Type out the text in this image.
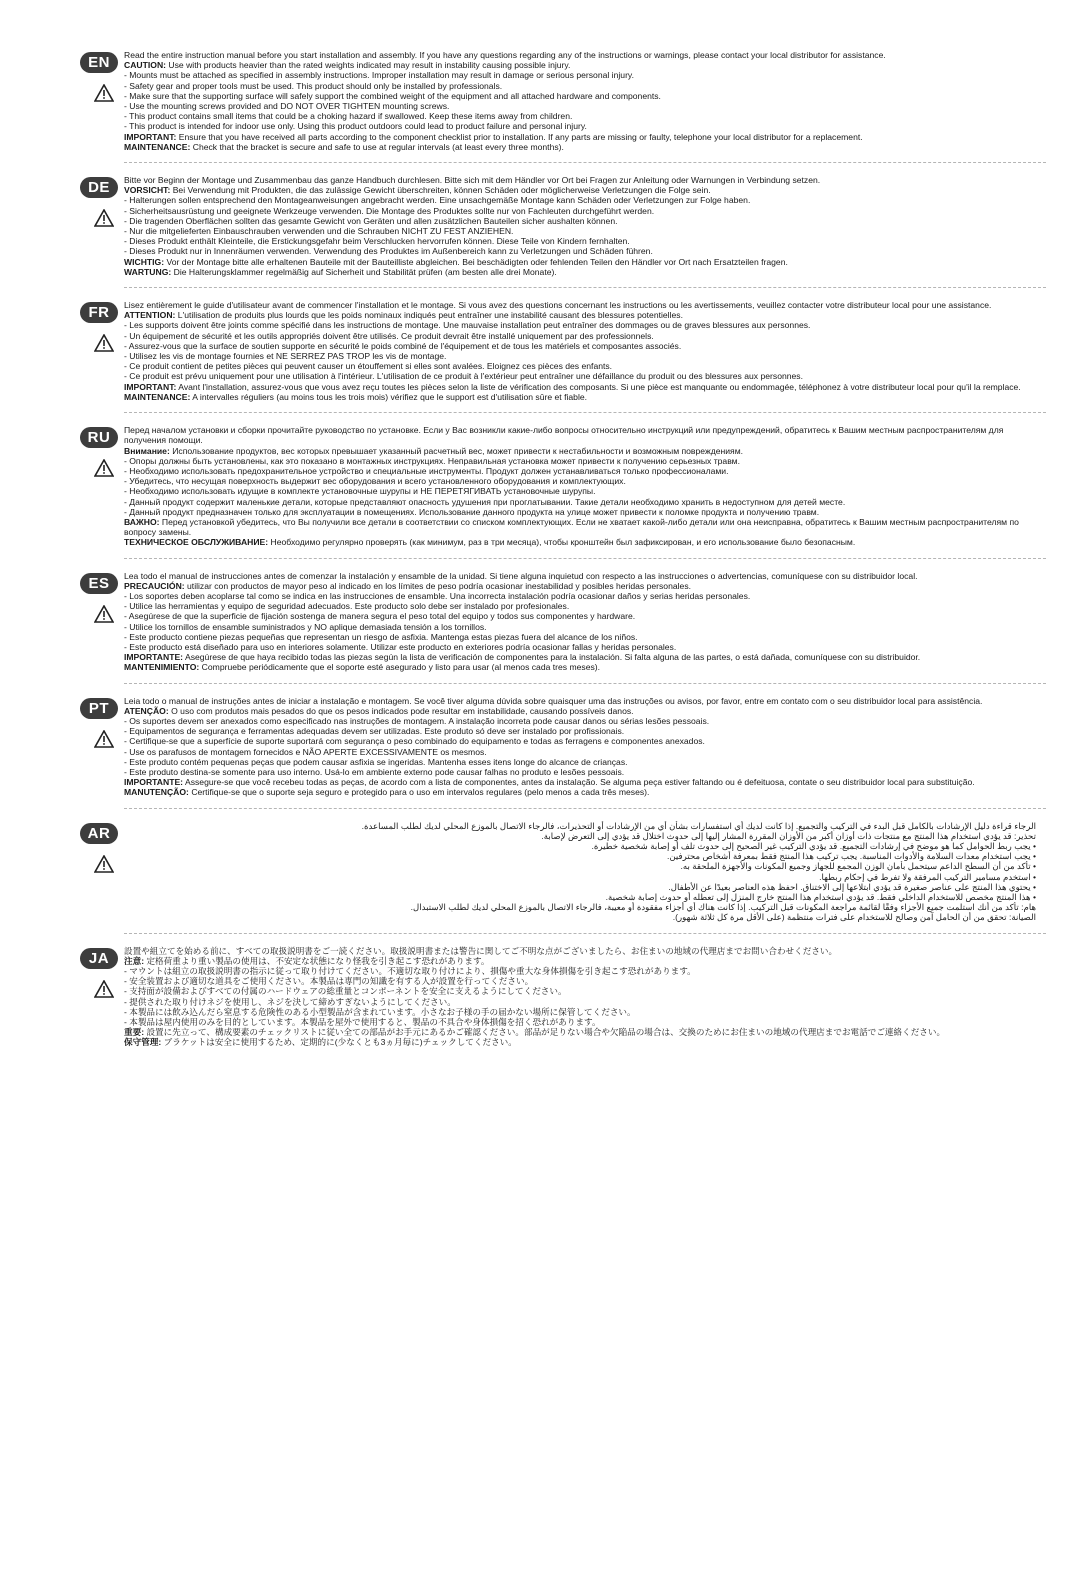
EN	Read the entire instruction manual before you start installation and assembly. If you have any questions regarding any of the instructions or warnings, please contact your local distributor for assistance.
CAUTION: Use with products heavier than the rated weights indicated may result in instability causing possible injury.
- Mounts must be attached as specified in assembly instructions. Improper installation may result in damage or serious personal injury.
- Safety gear and proper tools must be used. This product should only be installed by professionals.
- Make sure that the supporting surface will safely support the combined weight of the equipment and all attached hardware and components.
- Use the mounting screws provided and DO NOT OVER TIGHTEN mounting screws.
- This product contains small items that could be a choking hazard if swallowed. Keep these items away from children.
- This product is intended for indoor use only. Using this product outdoors could lead to product failure and personal injury.
IMPORTANT: Ensure that you have received all parts according to the component checklist prior to installation. If any parts are missing or faulty, telephone your local distributor for a replacement.
MAINTENANCE: Check that the bracket is secure and safe to use at regular intervals (at least every three months).
DE	Bitte vor Beginn der Montage und Zusammenbau das ganze Handbuch durchlesen. Bitte sich mit dem Händler vor Ort bei Fragen zur Anleitung oder Warnungen in Verbindung setzen.
VORSICHT: Bei Verwendung mit Produkten, die das zulässige Gewicht überschreiten, können Schäden oder möglicherweise Verletzungen die Folge sein.
- Halterungen sollen entsprechend den Montageanweisungen angebracht werden. Eine unsachgemäße Montage kann Schäden oder Verletzungen zur Folge haben.
- Sicherheitsausrüstung und geeignete Werkzeuge verwenden. Die Montage des Produktes sollte nur von Fachleuten durchgeführt werden.
- Die tragenden Oberflächen sollten das gesamte Gewicht von Geräten und allen zusätzlichen Bauteilen sicher aushalten können.
- Nur die mitgelieferten Einbauschrauben verwenden und die Schrauben NICHT ZU FEST ANZIEHEN.
- Dieses Produkt enthält Kleinteile, die Erstickungsgefahr beim Verschlucken hervorrufen können. Diese Teile von Kindern fernhalten.
- Dieses Produkt nur in Innenräumen verwenden. Verwendung des Produktes im Außenbereich kann zu Verletzungen und Schäden führen.
WICHTIG: Vor der Montage bitte alle erhaltenen Bauteile mit der Bauteilliste abgleichen. Bei beschädigten oder fehlenden Teilen den Händler vor Ort nach Ersatzteilen fragen.
WARTUNG: Die Halterungsklammer regelmäßig auf Sicherheit und Stabilität prüfen (am besten alle drei Monate).
FR	Lisez entièrement le guide d'utilisateur avant de commencer l'installation et le montage. Si vous avez des questions concernant les instructions ou les avertissements, veuillez contacter votre distributeur local pour une assistance.
ATTENTION: L'utilisation de produits plus lourds que les poids nominaux indiqués peut entraîner une instabilité causant des blessures potentielles.
- Les supports doivent être joints comme spécifié dans les instructions de montage. Une mauvaise installation peut entraîner des dommages ou de graves blessures aux personnes.
- Un équipement de sécurité et les outils appropriés doivent être utilisés. Ce produit devrait être installé uniquement par des professionnels.
- Assurez-vous que la surface de soutien supporte en sécurité le poids combiné de l'équipement et de tous les matériels et composantes associés.
- Utilisez les vis de montage fournies et NE SERREZ PAS TROP les vis de montage.
- Ce produit contient de petites pièces qui peuvent causer un étouffement si elles sont avalées. Eloignez ces pièces des enfants.
- Ce produit est prévu uniquement pour une utilisation à l'intérieur. L'utilisation de ce produit à l'extérieur peut entraîner une défaillance du produit ou des blessures aux personnes.
IMPORTANT: Avant l'installation, assurez-vous que vous avez reçu toutes les pièces selon la liste de vérification des composants. Si une pièce est manquante ou endommagée, téléphonez à votre distributeur local pour qu'il la remplace.
MAINTENANCE: A intervalles réguliers (au moins tous les trois mois) vérifiez que le support est d'utilisation sûre et fiable.
RU	Перед началом установки и сборки прочитайте руководство по установке. Если у Вас возникли какие-либо вопросы относительно инструкций или предупреждений, обратитесь к Вашим местным распространителям для получения помощи.
Внимание: Использование продуктов, вес которых превышает указанный расчетный вес, может привести к нестабильности и возможным повреждениям.
- Опоры должны быть установлены, как это показано в монтажных инструкциях. Неправильная установка может привести к получению серьезных травм.
- Необходимо использовать предохранительное устройство и специальные инструменты. Продукт должен устанавливаться только профессионалами.
- Убедитесь, что несущая поверхность выдержит вес оборудования и всего установленного оборудования и комплектующих.
- Необходимо использовать идущие в комплекте установочные шурупы и НЕ ПЕРЕТЯГИВАТЬ установочные шурупы.
- Данный продукт содержит маленькие детали, которые представляют опасность удушения при проглатывании. Такие детали необходимо хранить в недоступном для детей месте.
- Данный продукт предназначен только для эксплуатации в помещениях. Использование данного продукта на улице может привести к поломке продукта и получению травм.
ВАЖНО: Перед установкой убедитесь, что Вы получили все детали в соответствии со списком комплектующих. Если не хватает какой-либо детали или она неисправна, обратитесь к Вашим местным распространителям по вопросу замены.
ТЕХНИЧЕСКОЕ ОБСЛУЖИВАНИЕ: Необходимо регулярно проверять (как минимум, раз в три месяца), чтобы кронштейн был зафиксирован, и его использование было безопасным.
ES	Lea todo el manual de instrucciones antes de comenzar la instalación y ensamble de la unidad. Si tiene alguna inquietud con respecto a las instrucciones o advertencias, comuníquese con su distribuidor local.
PRECAUCIÓN: utilizar con productos de mayor peso al indicado en los límites de peso podría ocasionar inestabilidad y posibles heridas personales.
- Los soportes deben acoplarse tal como se indica en las instrucciones de ensamble. Una incorrecta instalación podría ocasionar daños y serias heridas personales.
- Utilice las herramientas y equipo de seguridad adecuados. Este producto solo debe ser instalado por profesionales.
- Asegúrese de que la superficie de fijación sostenga de manera segura el peso total del equipo y todos sus componentes y hardware.
- Utilice los tornillos de ensamble suministrados y NO aplique demasiada tensión a los tornillos.
- Este producto contiene piezas pequeñas que representan un riesgo de asfixia. Mantenga estas piezas fuera del alcance de los niños.
- Este producto está diseñado para uso en interiores solamente. Utilizar este producto en exteriores podría ocasionar fallas y heridas personales.
IMPORTANTE: Asegúrese de que haya recibido todas las piezas según la lista de verificación de componentes para la instalación. Si falta alguna de las partes, o está dañada, comuníquese con su distribuidor.
MANTENIMIENTO: Compruebe periódicamente que el soporte esté asegurado y listo para usar (al menos cada tres meses).
PT	Leia todo o manual de instruções antes de iniciar a instalação e montagem. Se você tiver alguma dúvida sobre quaisquer uma das instruções ou avisos, por favor, entre em contato com o seu distribuidor local para assistência.
ATENÇÃO: O uso com produtos mais pesados do que os pesos indicados pode resultar em instabilidade, causando possíveis danos.
- Os suportes devem ser anexados como especificado nas instruções de montagem. A instalação incorreta pode causar danos ou sérias lesões pessoais.
- Equipamentos de segurança e ferramentas adequadas devem ser utilizadas. Este produto só deve ser instalado por profissionais.
- Certifique-se que a superfície de suporte suportará com segurança o peso combinado do equipamento e todas as ferragens e componentes anexados.
- Use os parafusos de montagem fornecidos e NÃO APERTE EXCESSIVAMENTE os mesmos.
- Este produto contém pequenas peças que podem causar asfixia se ingeridas. Mantenha esses itens longe do alcance de crianças.
- Este produto destina-se somente para uso interno. Usá-lo em ambiente externo pode causar falhas no produto e lesões pessoais.
IMPORTANTE: Assegure-se que você recebeu todas as peças, de acordo com a lista de componentes, antes da instalação. Se alguma peça estiver faltando ou é defeituosa, contate o seu distribuidor local para substituição.
MANUTENÇÃO: Certifique-se que o suporte seja seguro e protegido para o uso em intervalos regulares (pelo menos a cada três meses).
AR	الرجاء قراءة دليل الإرشادات بالكامل قبل البدء في التركيب والتجميع. إذا كانت لديك أي استفسارات بشأن أي من الإرشادات أو التحذيرات، فالرجاء الاتصال بالموزع المحلي لديك لطلب المساعدة.
تحذير: قد يؤدي استخدام هذا المنتج مع منتجات ذات أوزان أكبر من الأوزان المقررة المشار إليها إلى حدوث اختلال قد يؤدي إلى التعرض لإصابة.
• يجب ربط الحوامل كما هو موضح في إرشادات التجميع. قد يؤدي التركيب غير الصحيح إلى حدوث تلف أو إصابة شخصية خطيرة.
• يجب استخدام معدات السلامة والأدوات المناسبة. يجب تركيب هذا المنتج فقط بمعرفة أشخاص محترفين.
• تأكد من أن السطح الداعم سيتحمل بأمان الوزن المجمع للجهاز وجميع المكونات والأجهزة الملحقة به.
• استخدم مسامير التركيب المرفقة ولا تفرط في إحكام ربطها.
• يحتوي هذا المنتج على عناصر صغيرة قد يؤدي ابتلاعها إلى الاختناق. احفظ هذه العناصر بعيدًا عن الأطفال.
• هذا المنتج مخصص للاستخدام الداخلي فقط. قد يؤدي استخدام هذا المنتج خارج المنزل إلى تعطله أو حدوث إصابة شخصية.
هام: تأكد من أنك استلمت جميع الأجزاء وفقًا لقائمة مراجعة المكونات قبل التركيب. إذا كانت هناك أي أجزاء مفقودة أو معيبة، فالرجاء الاتصال بالموزع المحلي لديك لطلب الاستبدال.
الصيانة: تحقق من أن الحامل آمن وصالح للاستخدام على فترات منتظمة (على الأقل مرة كل ثلاثة شهور).
JA	設置や組立てを始める前に、すべての取扱説明書をご一読ください。取扱説明書または警告に関してご不明な点がございましたら、お住まいの地域の代理店までお問い合わせください。
注意: 定格荷重より重い製品の使用は、不安定な状態になり怪我を引き起こす恐れがあります。
- マウントは組立の取扱説明書の指示に従って取り付けてください。不適切な取り付けにより、損傷や重大な身体損傷を引き起こす恐れがあります。
- 安全装置および適切な道具をご使用ください。本製品は専門の知識を有する人が設置を行ってください。
- 支持面が設備およびすべての付属のハードウェアの総重量とコンポーネントを安全に支えるようにしてください。
- 提供された取り付けネジを使用し、ネジを決して締めすぎないようにしてください。
- 本製品には飲み込んだら窒息する危険性のある小型製品が含まれています。小さなお子様の手の届かない場所に保管してください。
- 本製品は屋内使用のみを目的としています。本製品を屋外で使用すると、製品の不具合や身体損傷を招く恐れがあります。
重要: 設置に先立って、構成要素のチェックリストに従い全ての部品がお手元にあるかご確認ください。部品が足りない場合や欠陥品の場合は、交換のためにお住まいの地域の代理店までお電話でご連絡ください。
保守管理: ブラケットは安全に使用するため、定期的に(少なくとも3ヵ月毎に)チェックしてください。
